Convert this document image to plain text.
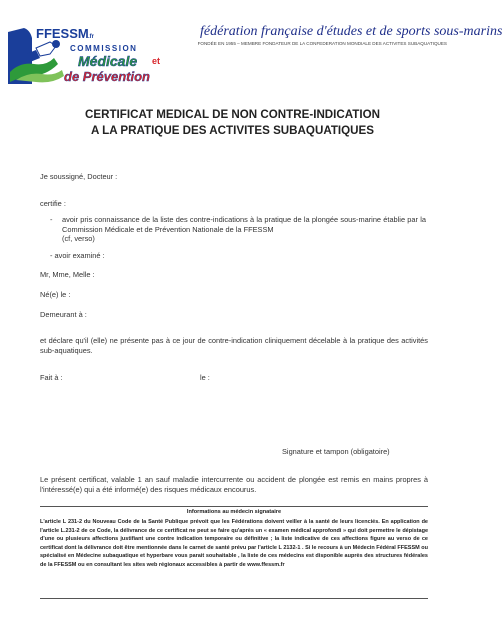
FFESSM .fr
COMMISSION
Médicale et
de Prévention
fédération française d'études et de sports sous-marins
FONDÉE EN 1955 – MEMBRE FONDATEUR DE LA CONFEDERATION MONDIALE DES ACTIVITES SUBAQUATIQUES
CERTIFICAT MEDICAL DE NON CONTRE-INDICATION
A LA PRATIQUE DES ACTIVITES SUBAQUATIQUES
Je soussigné, Docteur :
certifie :
- avoir pris connaissance de la liste des contre-indications à la pratique de la plongée sous-marine établie par la Commission Médicale et de Prévention Nationale de la FFESSM
(cf, verso)
- avoir examiné :
Mr, Mme, Melle :
Né(e) le :
Demeurant à :
et déclare qu'il (elle) ne présente pas à ce jour de contre-indication cliniquement décelable à la pratique des activités sub-aquatiques.
Fait à :	le :
Signature et tampon (obligatoire)
Le présent certificat, valable 1 an sauf maladie intercurrente ou accident de plongée est remis en mains propres à l'intéressé(e) qui a été informé(e) des risques médicaux encourus.
Informations au médecin signataire
L'article L 231-2 du Nouveau Code de la Santé Publique prévoit que les Fédérations doivent veiller à la santé de leurs licenciés. En application de l'article L.231-2 de ce Code, la délivrance de ce certificat ne peut se faire qu'après un « examen médical approfondi » qui doit permettre le dépistage d'une ou plusieurs affections justifiant une contre indication temporaire ou définitive ; la liste indicative de ces affections figure au verso de ce certificat dont la délivrance doit être mentionnée dans le carnet de santé prévu par l'article L 2132-1 . Si le recours à un Médecin Fédéral FFESSM ou spécialisé en Médecine subaquatique et hyperbare vous parait souhaitable , la liste de ces médecins est disponible auprès des structures fédérales de la FFESSM ou en consultant les sites web régionaux accessibles à partir de www.ffessm.fr
